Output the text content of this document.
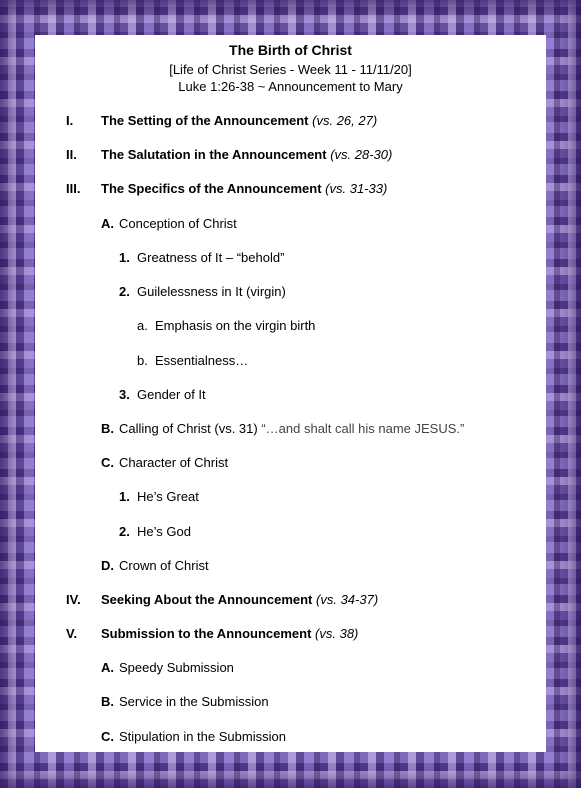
The Birth of Christ
[Life of Christ Series - Week 11 - 11/11/20]
Luke 1:26-38 ~ Announcement to Mary
I. The Setting of the Announcement (vs. 26, 27)
II. The Salutation in the Announcement (vs. 28-30)
III. The Specifics of the Announcement (vs. 31-33)
A. Conception of Christ
1. Greatness of It – “behold”
2. Guilelessness in It (virgin)
a. Emphasis on the virgin birth
b. Essentialness…
3. Gender of It
B. Calling of Christ (vs. 31) “…and shalt call his name JESUS.”
C. Character of Christ
1. He’s Great
2. He’s God
D. Crown of Christ
IV. Seeking About the Announcement (vs. 34-37)
V. Submission to the Announcement (vs. 38)
A. Speedy Submission
B. Service in the Submission
C. Stipulation in the Submission
